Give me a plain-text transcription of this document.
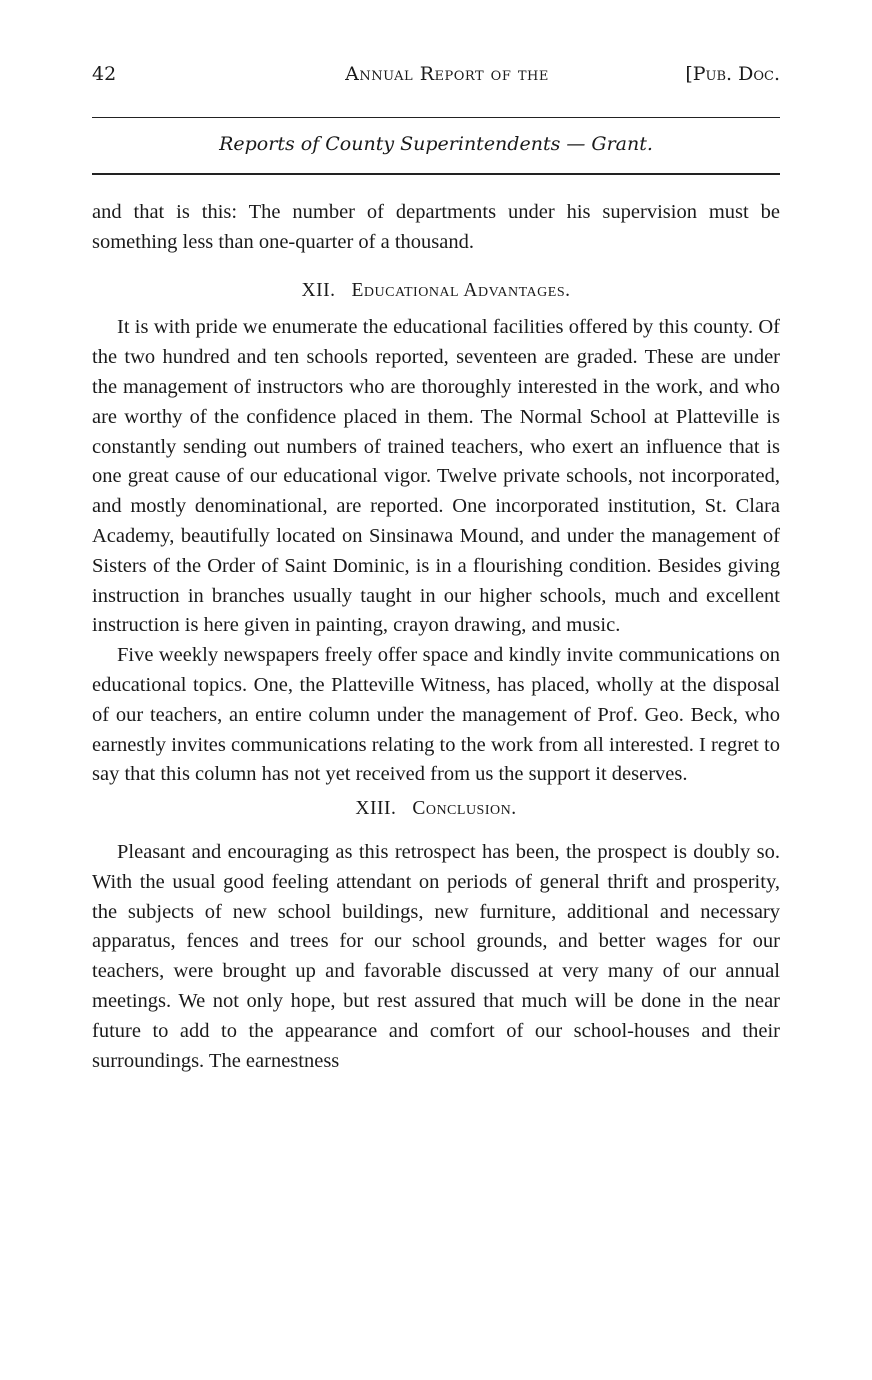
42	Annual Report of the	[Pub. Doc.
Reports of County Superintendents — Grant.

and that is this: The number of departments under his supervision must be something less than one-quarter of a thousand.

XII. Educational Advantages.

It is with pride we enumerate the educational facilities offered by this county. Of the two hundred and ten schools reported, seventeen are graded. These are under the management of instructors who are thoroughly interested in the work, and who are worthy of the confidence placed in them. The Normal School at Platteville is constantly sending out numbers of trained teachers, who exert an influence that is one great cause of our educational vigor. Twelve private schools, not incorporated, and mostly denominational, are reported. One incorporated institution, St. Clara Academy, beautifully located on Sinsinawa Mound, and under the management of Sisters of the Order of Saint Dominic, is in a flourishing condition. Besides giving instruction in branches usually taught in our higher schools, much and excellent instruction is here given in painting, crayon drawing, and music.

Five weekly newspapers freely offer space and kindly invite communications on educational topics. One, the Platteville Witness, has placed, wholly at the disposal of our teachers, an entire column under the management of Prof. Geo. Beck, who earnestly invites communications relating to the work from all interested. I regret to say that this column has not yet received from us the support it deserves.

XIII. Conclusion.

Pleasant and encouraging as this retrospect has been, the prospect is doubly so. With the usual good feeling attendant on periods of general thrift and prosperity, the subjects of new school buildings, new furniture, additional and necessary apparatus, fences and trees for our school grounds, and better wages for our teachers, were brought up and favorable discussed at very many of our annual meetings. We not only hope, but rest assured that much will be done in the near future to add to the appearance and comfort of our school-houses and their surroundings. The earnestness
